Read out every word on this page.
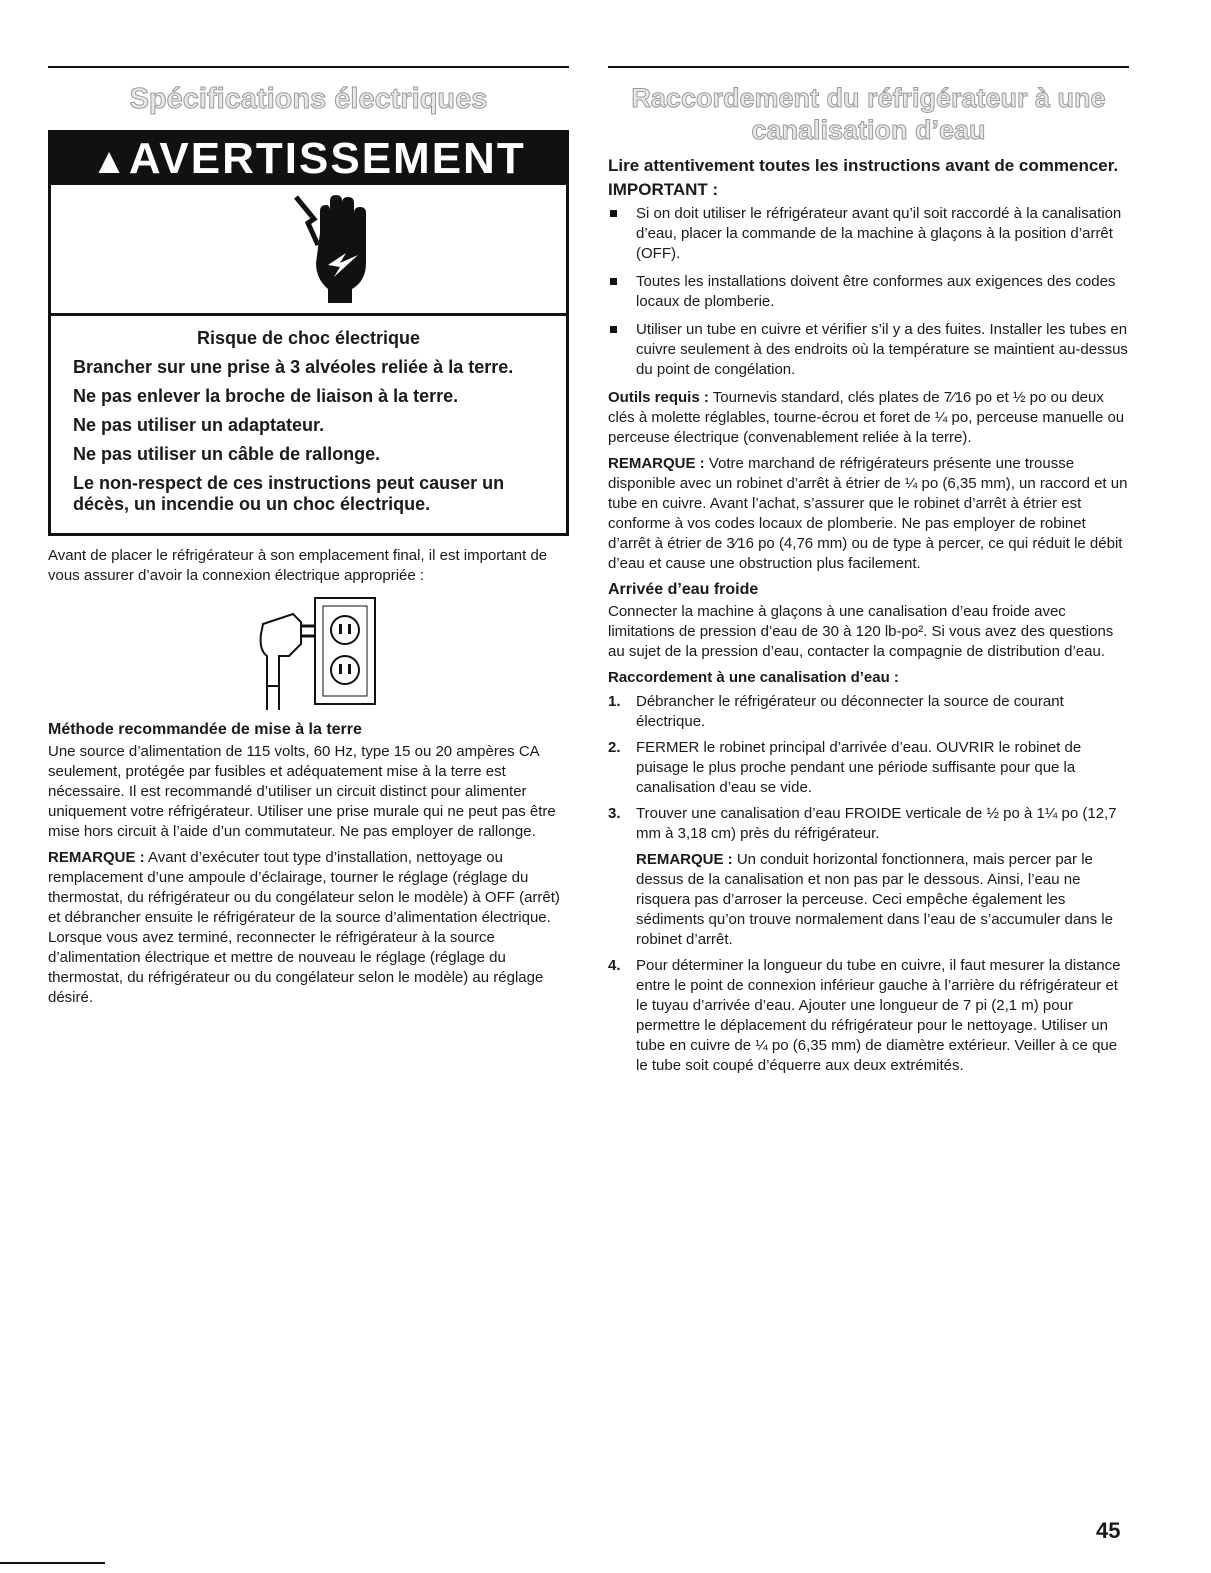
Spécifications électriques
▲AVERTISSEMENT
Risque de choc électrique

Brancher sur une prise à 3 alvéoles reliée à la terre.

Ne pas enlever la broche de liaison à la terre.

Ne pas utiliser un adaptateur.

Ne pas utiliser un câble de rallonge.

Le non-respect de ces instructions peut causer un décès, un incendie ou un choc électrique.

Avant de placer le réfrigérateur à son emplacement final, il est important de vous assurer d’avoir la connexion électrique appropriée :

Méthode recommandée de mise à la terre

Une source d’alimentation de 115 volts, 60 Hz, type 15 ou 20 ampères CA seulement, protégée par fusibles et adéquatement mise à la terre est nécessaire. Il est recommandé d’utiliser un circuit distinct pour alimenter uniquement votre réfrigérateur. Utiliser une prise murale qui ne peut pas être mise hors circuit à l’aide d’un commutateur. Ne pas employer de rallonge.

REMARQUE : Avant d’exécuter tout type d’installation, nettoyage ou remplacement d’une ampoule d’éclairage, tourner le réglage (réglage du thermostat, du réfrigérateur ou du congélateur selon le modèle) à OFF (arrêt) et débrancher ensuite le réfrigérateur de la source d’alimentation électrique. Lorsque vous avez terminé, reconnecter le réfrigérateur à la source d’alimentation électrique et mettre de nouveau le réglage (réglage du thermostat, du réfrigérateur ou du congélateur selon le modèle) au réglage désiré.

Raccordement du réfrigérateur à une
canalisation d’eau
Lire attentivement toutes les instructions avant de commencer.
IMPORTANT :
Si on doit utiliser le réfrigérateur avant qu’il soit raccordé à la canalisation d’eau, placer la commande de la machine à glaçons à la position d’arrêt (OFF).
Toutes les installations doivent être conformes aux exigences des codes locaux de plomberie.
Utiliser un tube en cuivre et vérifier s’il y a des fuites. Installer les tubes en cuivre seulement à des endroits où la température se maintient au-dessus du point de congélation.

Outils requis : Tournevis standard, clés plates de 7⁄16 po et ½ po ou deux clés à molette réglables, tourne-écrou et foret de ¼ po, perceuse manuelle ou perceuse électrique (convenablement reliée à la terre).

REMARQUE : Votre marchand de réfrigérateurs présente une trousse disponible avec un robinet d’arrêt à étrier de ¼ po (6,35 mm), un raccord et un tube en cuivre. Avant l’achat, s’assurer que le robinet d’arrêt à étrier est conforme à vos codes locaux de plomberie. Ne pas employer de robinet d’arrêt à étrier de 3⁄16 po (4,76 mm) ou de type à percer, ce qui réduit le débit d’eau et cause une obstruction plus facilement.

Arrivée d’eau froide

Connecter la machine à glaçons à une canalisation d’eau froide avec limitations de pression d’eau de 30 à 120 lb-po². Si vous avez des questions au sujet de la pression d’eau, contacter la compagnie de distribution d’eau.

Raccordement à une canalisation d’eau :
1. Débrancher le réfrigérateur ou déconnecter la source de courant électrique.
2. FERMER le robinet principal d’arrivée d’eau. OUVRIR le robinet de puisage le plus proche pendant une période suffisante pour que la canalisation d’eau se vide.
3. Trouver une canalisation d’eau FROIDE verticale de ½ po à 1¼ po (12,7 mm à 3,18 cm) près du réfrigérateur.
REMARQUE : Un conduit horizontal fonctionnera, mais percer par le dessus de la canalisation et non pas par le dessous. Ainsi, l’eau ne risquera pas d’arroser la perceuse. Ceci empêche également les sédiments qu’on trouve normalement dans l’eau de s’accumuler dans le robinet d’arrêt.
4. Pour déterminer la longueur du tube en cuivre, il faut mesurer la distance entre le point de connexion inférieur gauche à l’arrière du réfrigérateur et le tuyau d’arrivée d’eau. Ajouter une longueur de 7 pi (2,1 m) pour permettre le déplacement du réfrigérateur pour le nettoyage. Utiliser un tube en cuivre de ¼ po (6,35 mm) de diamètre extérieur. Veiller à ce que le tube soit coupé d’équerre aux deux extrémités.
45
